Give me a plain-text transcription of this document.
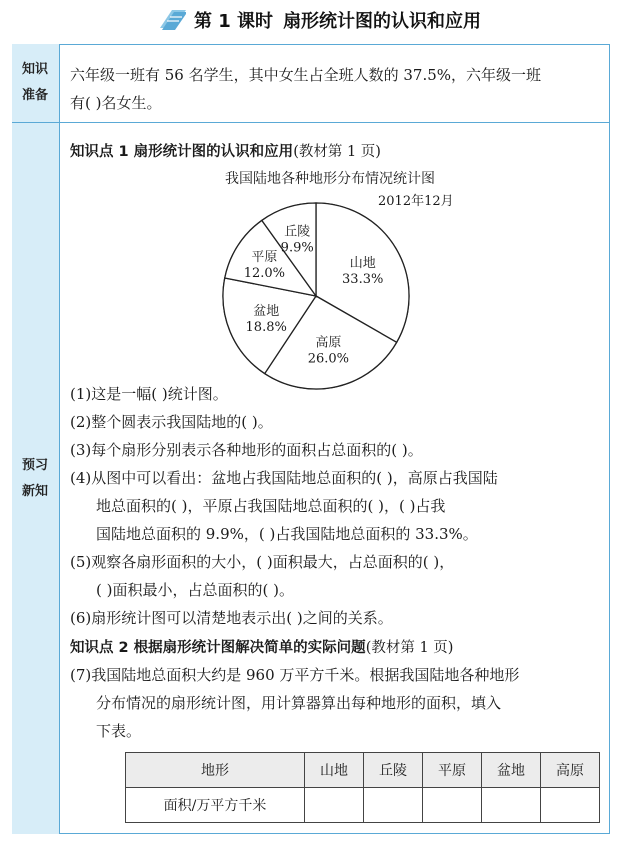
第 1 课时 扇形统计图的认识和应用
知识
准备
预习
新知
六年级一班有 56 名学生，其中女生占全班人数的 37.5%，六年级一班
有( )名女生。
知识点 1 扇形统计图的认识和应用(教材第 1 页)
我国陆地各种地形分布情况统计图
2012年12月
山地
33.3%
高原
26.0%
盆地
18.8%
平原
12.0%
丘陵
9.9%
(1)这是一幅( )统计图。
(2)整个圆表示我国陆地的( )。
(3)每个扇形分别表示各种地形的面积占总面积的( )。
(4)从图中可以看出：盆地占我国陆地总面积的( )，高原占我国陆
地总面积的( )，平原占我国陆地总面积的( )，( )占我
国陆地总面积的 9.9%，( )占我国陆地总面积的 33.3%。
(5)观察各扇形面积的大小，( )面积最大，占总面积的( )，
( )面积最小，占总面积的( )。
(6)扇形统计图可以清楚地表示出( )之间的关系。
知识点 2 根据扇形统计图解决简单的实际问题(教材第 1 页)
(7)我国陆地总面积大约是 960 万平方千米。根据我国陆地各种地形
分布情况的扇形统计图，用计算器算出每种地形的面积，填入
下表。
地形	山地	丘陵	平原	盆地	高原
面积/万平方千米					
